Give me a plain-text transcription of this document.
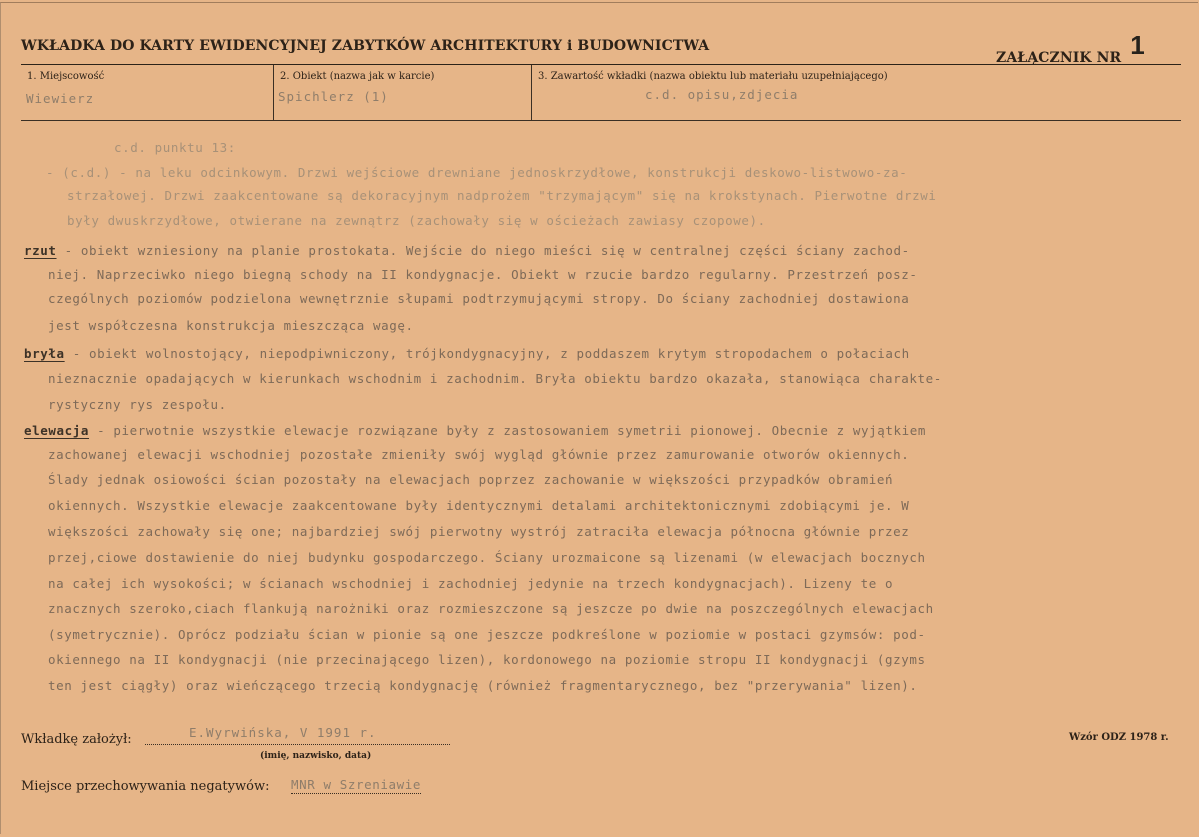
WKŁADKA DO KARTY EWIDENCYJNEJ ZABYTKÓW ARCHITEKTURY i BUDOWNICTWA
ZAŁĄCZNIK NR 1
1. Miejscowość
Wiewierz
2. Obiekt (nazwa jak w karcie)
Spichlerz (1)
3. Zawartość wkładki (nazwa obiektu lub materiału uzupełniającego)
c.d. opisu,zdjecia
c.d. punktu 13:
- (c.d.) - na leku odcinkowym. Drzwi wejściowe drewniane jednoskrzydłowe, konstrukcji deskowo-listwowo-za-
strzałowej. Drzwi zaakcentowane są dekoracyjnym nadprożem "trzymającym" się na krokstynach. Pierwotne drzwi
były dwuskrzydłowe, otwierane na zewnątrz (zachowały się w ościeżach zawiasy czopowe).
rzut - obiekt wzniesiony na planie prostokata. Wejście do niego mieści się w centralnej części ściany zachod-
niej. Naprzeciwko niego biegną schody na II kondygnacje. Obiekt w rzucie bardzo regularny. Przestrzeń posz-
czególnych poziomów podzielona wewnętrznie słupami podtrzymującymi stropy. Do ściany zachodniej dostawiona
jest współczesna konstrukcja mieszcząca wagę.
bryła - obiekt wolnostojący, niepodpiwniczony, trójkondygnacyjny, z poddaszem krytym stropodachem o połaciach
nieznacznie opadających w kierunkach wschodnim i zachodnim. Bryła obiektu bardzo okazała, stanowiąca charakte-
rystyczny rys zespołu.
elewacja - pierwotnie wszystkie elewacje rozwiązane były z zastosowaniem symetrii pionowej. Obecnie z wyjątkiem
zachowanej elewacji wschodniej pozostałe zmieniły swój wygląd głównie przez zamurowanie otworów okiennych.
Ślady jednak osiowości ścian pozostały na elewacjach poprzez zachowanie w większości przypadków obramień
okiennych. Wszystkie elewacje zaakcentowane były identycznymi detalami architektonicznymi zdobiącymi je. W
większości zachowały się one; najbardziej swój pierwotny wystrój zatraciła elewacja północna głównie przez
przej,ciowe dostawienie do niej budynku gospodarczego. Ściany urozmaicone są lizenami (w elewacjach bocznych
na całej ich wysokości; w ścianach wschodniej i zachodniej jedynie na trzech kondygnacjach). Lizeny te o
znacznych szeroko,ciach flankują narożniki oraz rozmieszczone są jeszcze po dwie na poszczególnych elewacjach
(symetrycznie). Oprócz podziału ścian w pionie są one jeszcze podkreślone w poziomie w postaci gzymsów: pod-
okiennego na II kondygnacji (nie przecinającego lizen), kordonowego na poziomie stropu II kondygnacji (gzyms
ten jest ciągły) oraz wieńczącego trzecią kondygnację (również fragmentarycznego, bez "przerywania" lizen).
Wkładkę założył:	E.Wyrwińska, V 1991 r.
(imię, nazwisko, data)
Wzór ODZ 1978 r.
Miejsce przechowywania negatywów: MNR w Szreniawie
